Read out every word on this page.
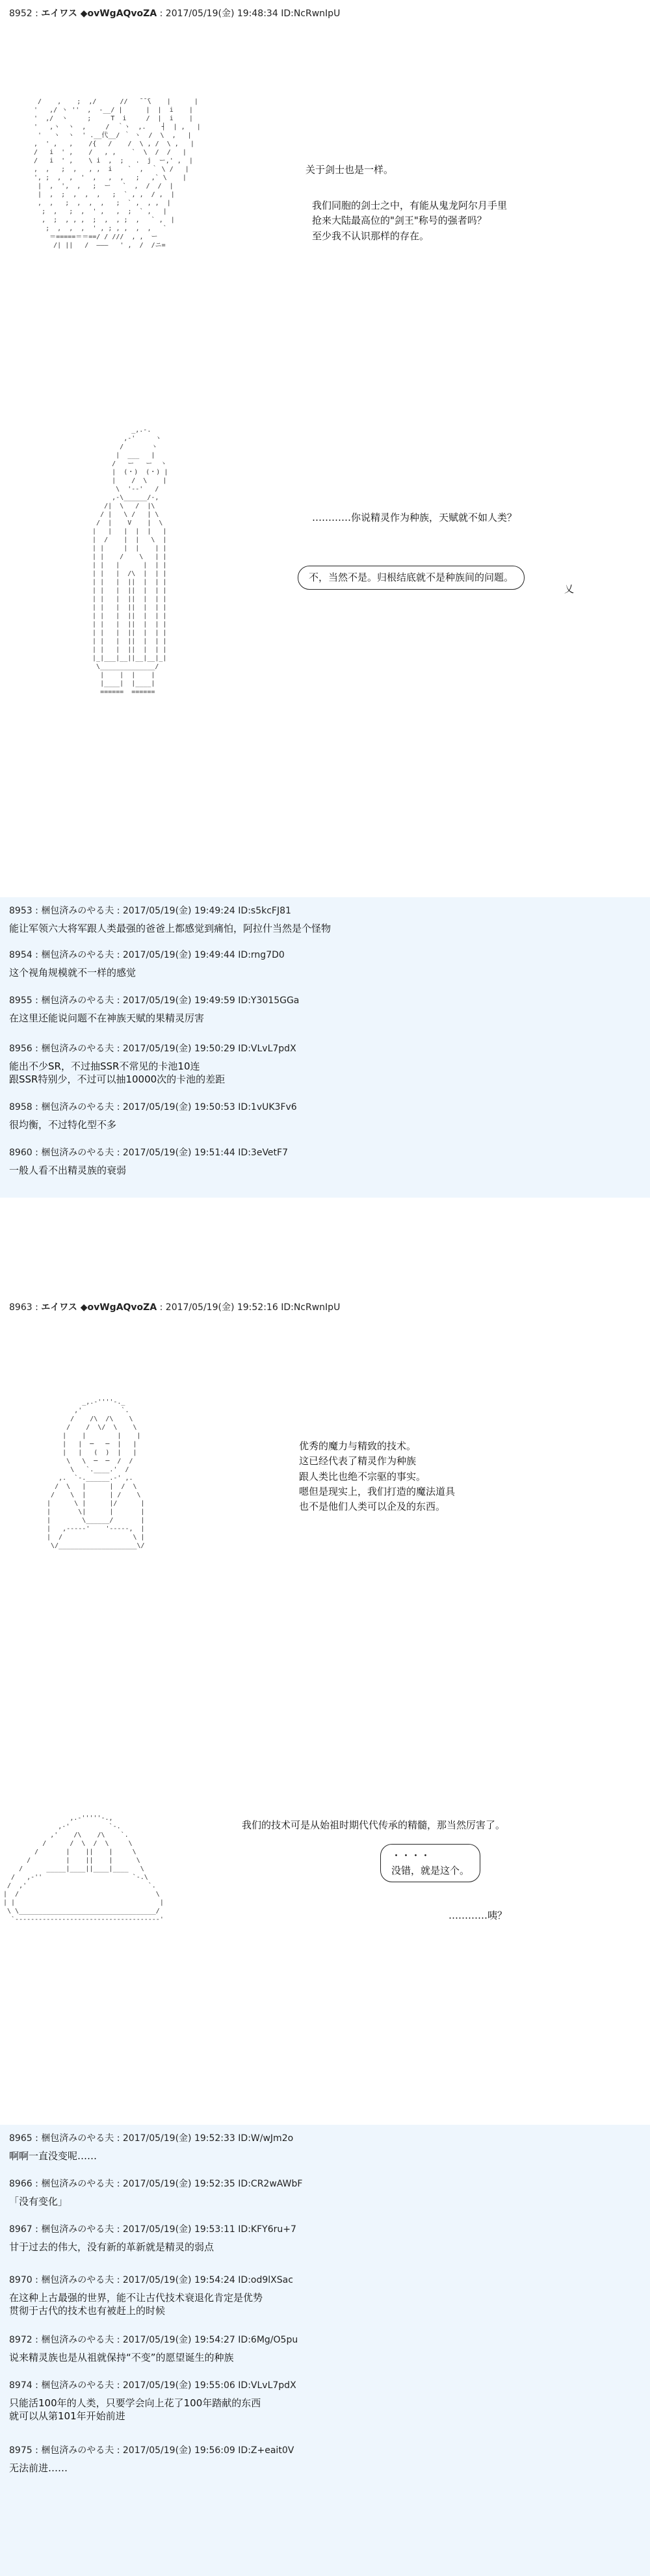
8952 : エイワス ◆ovWgAQvoZA : 2017/05/19(金) 19:48:34 ID:NcRwnIpU
/    ,    ;  ,/      //   ̄ ̄ ̄\    |      |
'   ,/ ヽ ''  ,  -__/ |      |  |  i    |
'  ,/  ヽ     ;     T  i     /  |  i    |
'   ,ヽ  ヽ  ,     /  ｀ヽ  ,.    ┤  | ,   |
'   ヽ  ヽ  ' .__代__/ ｀ ヽ  /  \  ,   |
,  ' ,   ,    /{   /    /  \ , /  \ ,   |
/   i  ' ,    /   , ,    `  \  /  /   |
/   i  ' ,    \ i  ,  ;   .  j  ー,' ,  |
,  ,   ;  ,   , ,  i    `  ,  ｀ \ /   |
', ;  ,  ,  '  ,   ,  ,   ;   ,` \    |
|  ,  ',  ,   ;  ー   `  ,  /  /  |
|  ,  ;  ,  ,  ,   ;  ` , ,  / ,  |
,  ,   ;  ,  ,  ,   ;  ` ,  , ,  |
;  ,   ;  ,  ' ,   ,  ;  ` ,   |
,  ;  , , ,  ;  ,  , ;  ,   ` ,  |
;  ,  ,  ,  ' , ; , ,  ,  ,   `
＝=====＝＝==/ / ///  , ,  ー
/| ||   /  ———   ' ,  /  /ニ=
关于剑士也是一样。
我们同胞的剑士之中，有能从鬼龙阿尔月手里
抢来大陆最高位的"剑王"称号的强者吗？
至少我不认识那样的存在。
_,.-.
,-'     ヽ
/       ヽ
|  ___   |
/   ー   ー  ヽ
|  (・)  (・) |
|    /  \    |
\  '--'   /
,-\______/-,
/|  \   /  |\
/ |   \ /   | \
/  |    V    |  \
|   |   |  |  |   |
|  /    |  |   \  |
| |     |  |    | |
| |    /    \   | |
| |   |      |  | |
| |   |  /\  |  | |
| |   |  ||  |  | |
| |   |  ||  |  | |
| |   |  ||  |  | |
| |   |  ||  |  | |
| |   |  ||  |  | |
| |   |  ||  |  | |
| |   |  ||  |  | |
| |   |  ||  |  | |
| |   |  ||  |  | |
|_|___|__||__|__|_|
\______________/
|    |  |    |
|____|  |____|
======  ======
…………你说精灵作为种族，天赋就不如人类？
不，当然不是。归根结底就不是种族间的问题。
乂
8953 : 梱包済みのやる夫 : 2017/05/19(金) 19:49:24 ID:s5kcFJ81
能让军领六大将军跟人类最强的爸爸上都感觉到痛怕，阿拉什当然是个怪物
8954 : 梱包済みのやる夫 : 2017/05/19(金) 19:49:44 ID:rng7D0
这个视角规模就不一样的感觉
8955 : 梱包済みのやる夫 : 2017/05/19(金) 19:49:59 ID:Y3015GGa
在这里还能说问题不在神族天赋的果精灵厉害
8956 : 梱包済みのやる夫 : 2017/05/19(金) 19:50:29 ID:VLvL7pdX
能出不少SR，不过抽SSR不常见的卡池10连
跟SSR特别少，不过可以抽10000次的卡池的差距
8958 : 梱包済みのやる夫 : 2017/05/19(金) 19:50:53 ID:1vUK3Fv6
很均衡，不过特化型不多
8960 : 梱包済みのやる夫 : 2017/05/19(金) 19:51:44 ID:3eVetF7
一般人看不出精灵族的衰弱
8963 : エイワス ◆ovWgAQvoZA : 2017/05/19(金) 19:52:16 ID:NcRwnIpU
_,.-''''-._
,'          `.
/    /\  /\    \
/    /  \/  \    \
|    |        |    |
|   |  ─   ─  |   |
|   |   (  )  |   |
\   \  ─  ─  /  /
\   `.____.'  /
,.  `-.______.-' ,.
/  \   |      |  /  \
/    \  |      | /    \
|      \ |      |/      |
|       \|      |       |
|        \______/       |
|   ,-----'    '-----,  |
|  /                  \ |
\/____________________\/
优秀的魔力与精致的技术。
这已经代表了精灵作为种族
跟人类比也绝不宗驱的事实。
嗯但是现实上，我们打造的魔法道具
也不是他们人类可以企及的东西。
,.-'''''-.,
,-'          `-.
,'    /\    /\    `.
/      /  \  /  \     \
/       |    ||    |     \
/         |    ||    |      \
/      _____|____||____|____   \
/   ,-''                       `-.\
/  ,'                               `.
|  /                                   \
| |                                     |
\ \___________________________________/
`-------------------------------------'
我们的技术可是从始祖时期代代传承的精髓，那当然厉害了。
・・・・
没错，就是这个。
…………咦？
8965 : 梱包済みのやる夫 : 2017/05/19(金) 19:52:33 ID:W/wJm2o
啊啊一直没变呢……
8966 : 梱包済みのやる夫 : 2017/05/19(金) 19:52:35 ID:CR2wAWbF
「没有变化」
8967 : 梱包済みのやる夫 : 2017/05/19(金) 19:53:11 ID:KFY6ru+7
甘于过去的伟大，没有新的革新就是精灵的弱点
8970 : 梱包済みのやる夫 : 2017/05/19(金) 19:54:24 ID:od9lXSac
在这种上古最强的世界，能不让古代技术衰退化肯定是优势
贯彻于古代的技术也有被赶上的时候
8972 : 梱包済みのやる夫 : 2017/05/19(金) 19:54:27 ID:6Mg/O5pu
说来精灵族也是从祖就保持“不变”的愿望诞生的种族
8974 : 梱包済みのやる夫 : 2017/05/19(金) 19:55:06 ID:VLvL7pdX
只能活100年的人类，只要学会向上花了100年踏献的东西
就可以从第101年开始前进
8975 : 梱包済みのやる夫 : 2017/05/19(金) 19:56:09 ID:Z+eait0V
无法前进……
